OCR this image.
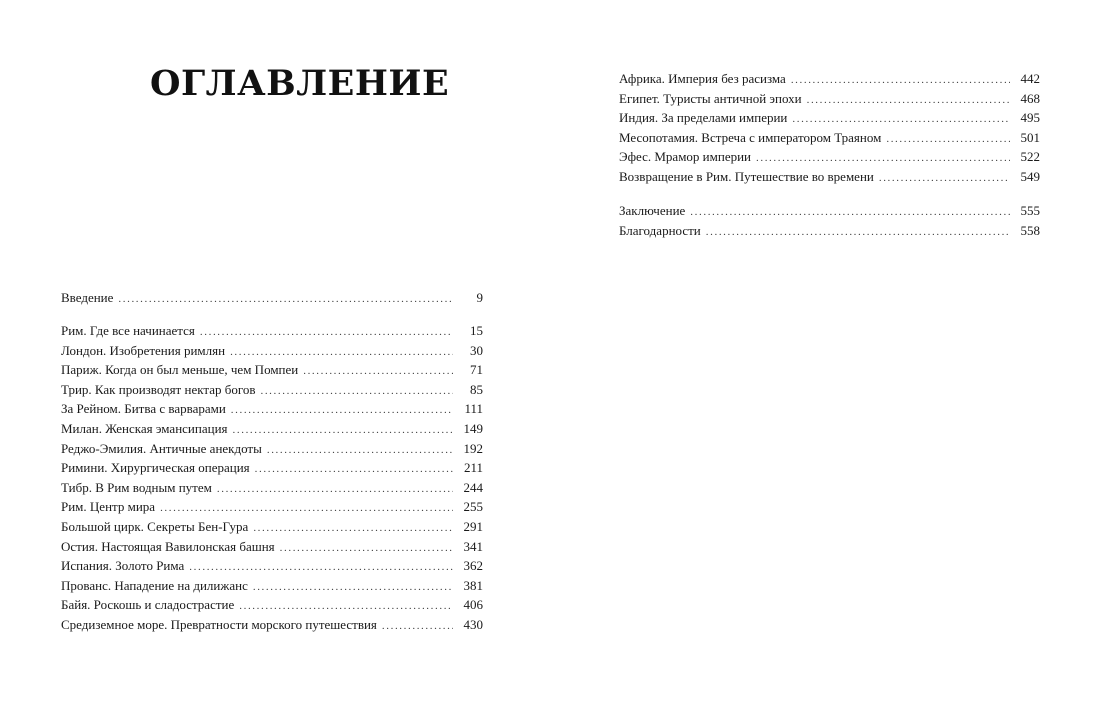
ОГЛАВЛЕНИЕ
Введение .....	9
Рим. Где все начинается .....	15
Лондон. Изобретения римлян .....	30
Париж. Когда он был меньше, чем Помпеи .....	71
Трир. Как производят нектар богов .....	85
За Рейном. Битва с варварами .....	111
Милан. Женская эмансипация .....	149
Реджо-Эмилия. Античные анекдоты .....	192
Римини. Хирургическая операция .....	211
Тибр. В Рим водным путем .....	244
Рим. Центр мира .....	255
Большой цирк. Секреты Бен-Гура .....	291
Остия. Настоящая Вавилонская башня .....	341
Испания. Золото Рима .....	362
Прованс. Нападение на дилижанс .....	381
Байя. Роскошь и сладострастие .....	406
Средиземное море. Превратности морского путешествия .....	430
Африка. Империя без расизма .....	442
Египет. Туристы античной эпохи .....	468
Индия. За пределами империи .....	495
Месопотамия. Встреча с императором Траяном .....	501
Эфес. Мрамор империи .....	522
Возвращение в Рим. Путешествие во времени .....	549
Заключение .....	555
Благодарности .....	558
